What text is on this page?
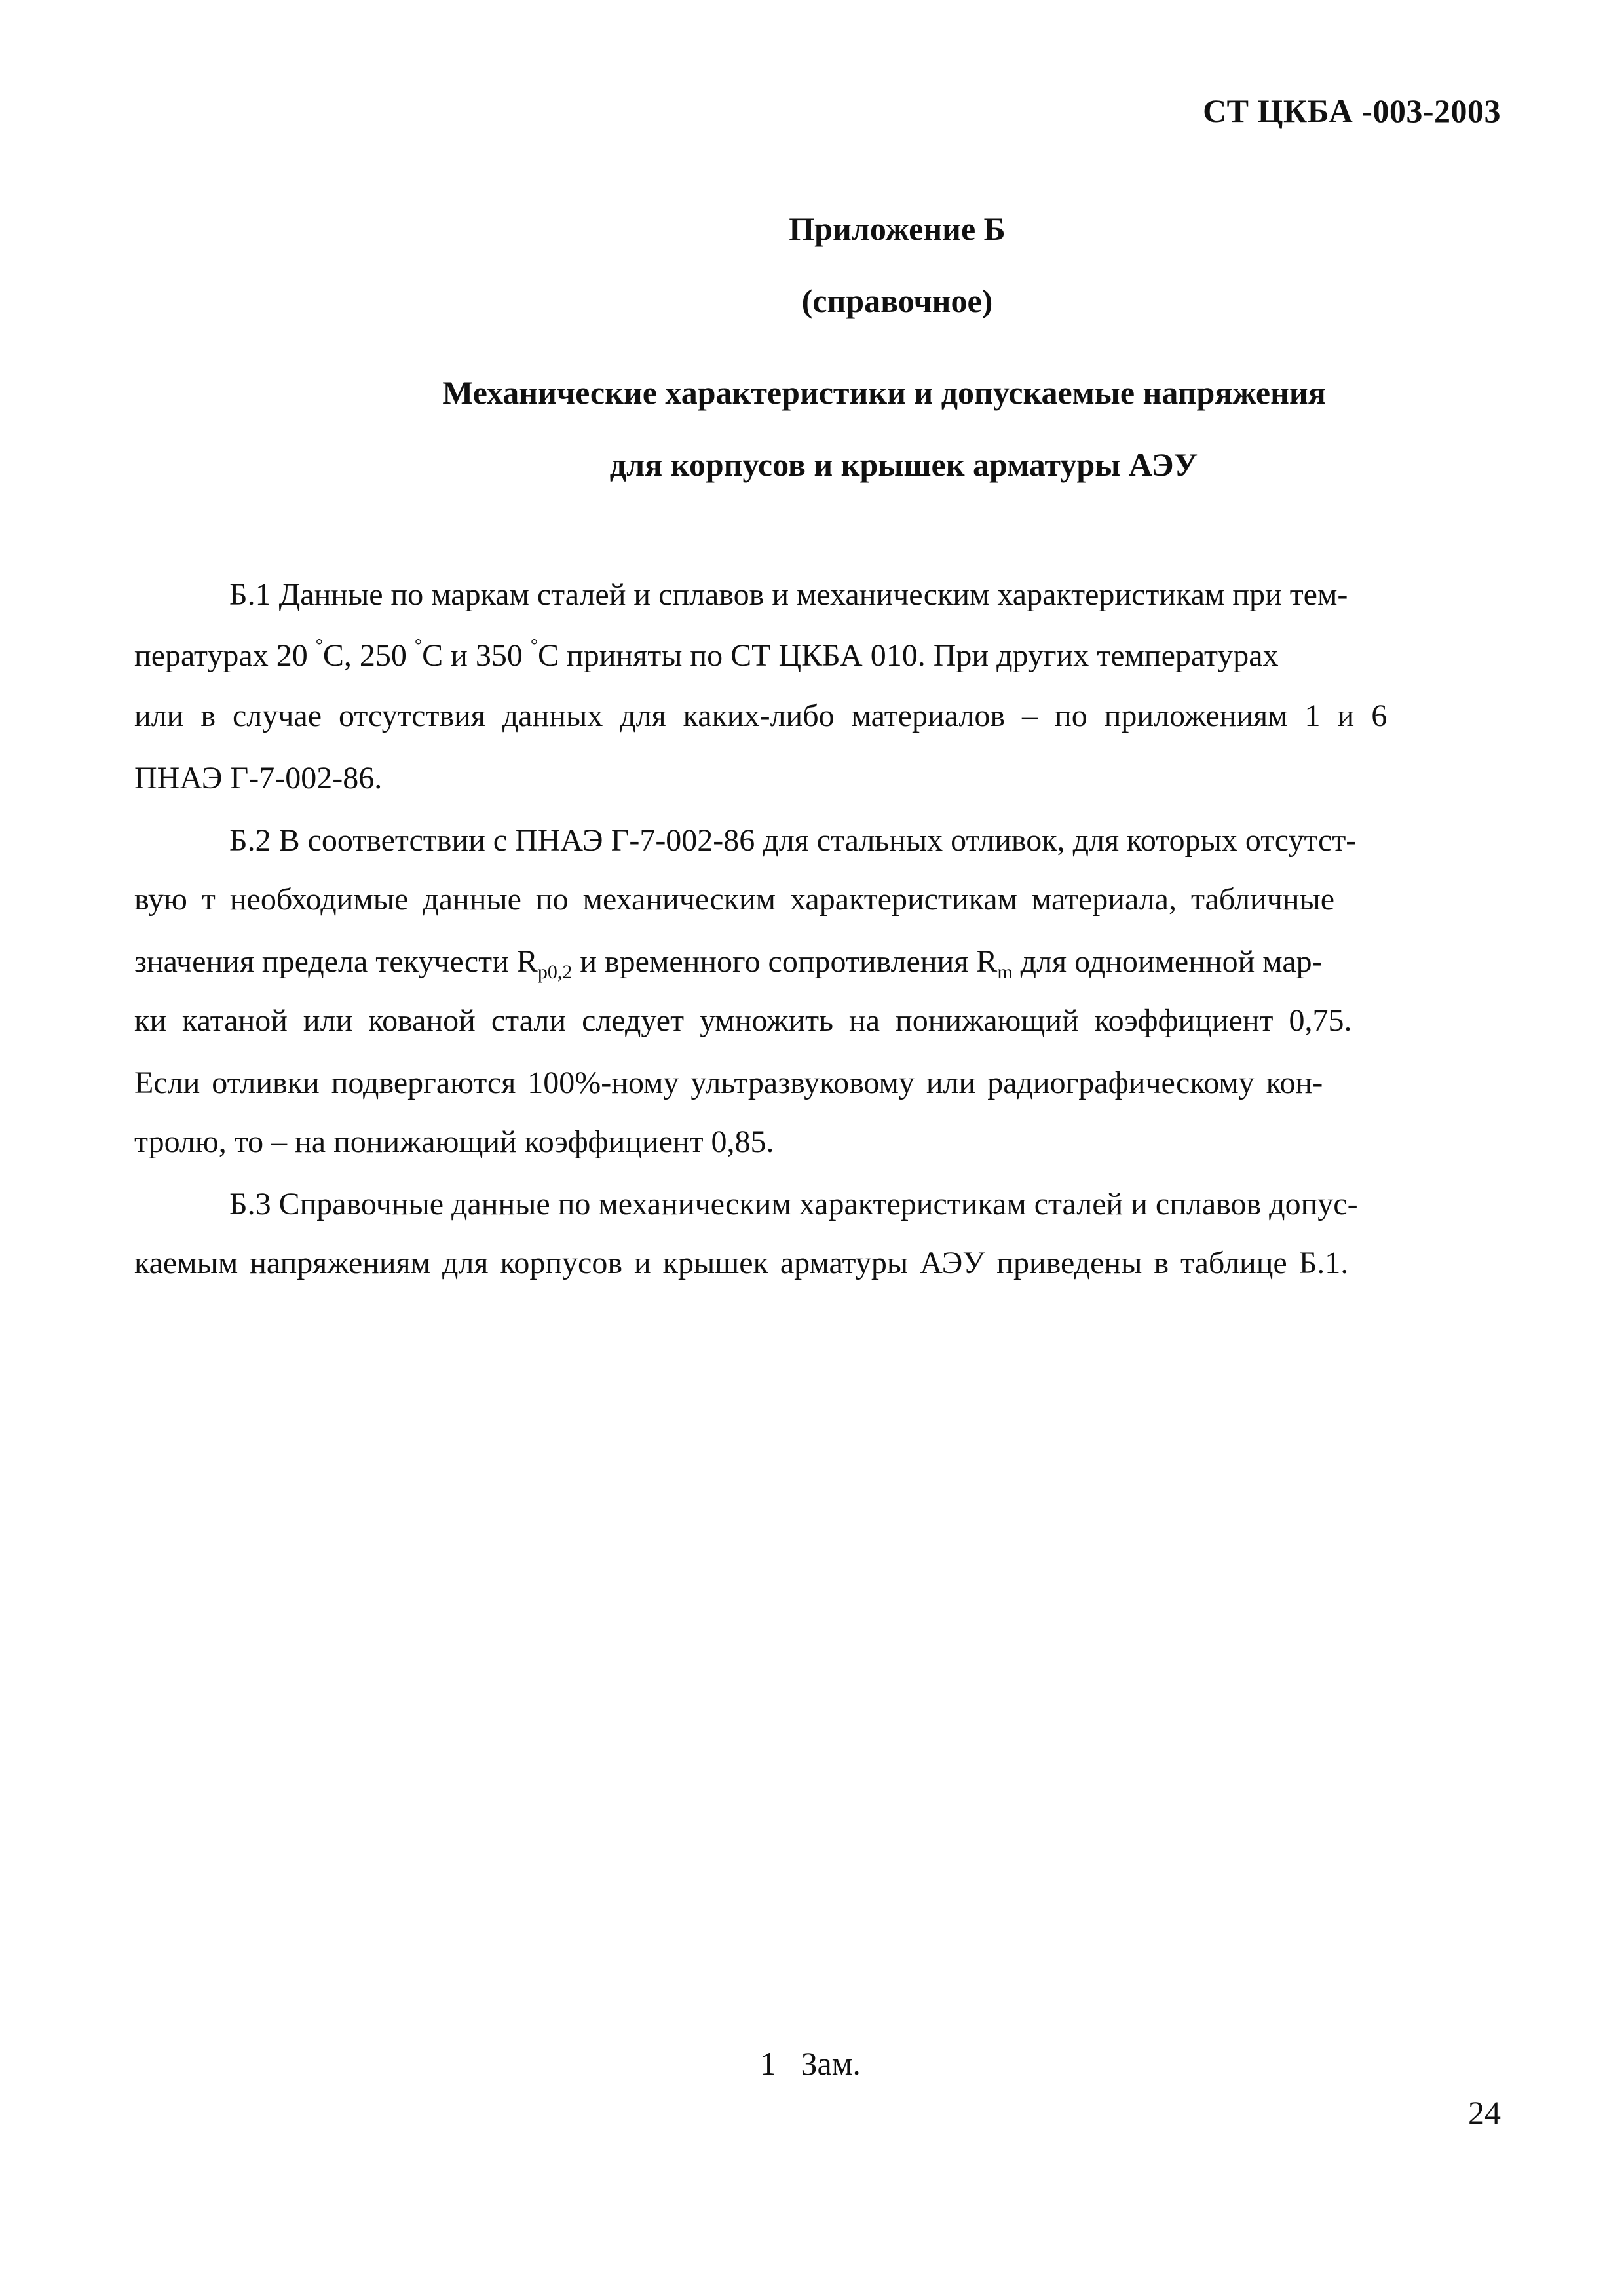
СТ ЦКБА -003-2003
Приложение Б
(справочное)
Механические характеристики и допускаемые напряжения
для корпусов и крышек арматуры АЭУ
Б.1 Данные по маркам сталей и сплавов и механическим характеристикам при тем-
пературах 20 °С, 250 °С и 350 °С приняты по СТ ЦКБА 010. При других температурах
или в случае отсутствия данных для каких-либо материалов – по приложениям 1 и 6
ПНАЭ Г-7-002-86.
Б.2 В соответствии с ПНАЭ Г-7-002-86 для стальных отливок, для которых отсутст-
вую т необходимые данные по механическим характеристикам материала, табличные
значения предела текучести $R_{p0,2}$ и временного сопротивления $R_m$ для одноименной мар-
ки катаной или кованой стали следует умножить на понижающий коэффициент 0,75.
Если отливки подвергаются 100%-ному ультразвуковому или радиографическому кон-
тролю, то – на понижающий коэффициент 0,85.
Б.3 Справочные данные по механическим характеристикам сталей и сплавов допус-
каемым напряжениям для корпусов и крышек арматуры АЭУ приведены в таблице Б.1.
1   Зам.
24
